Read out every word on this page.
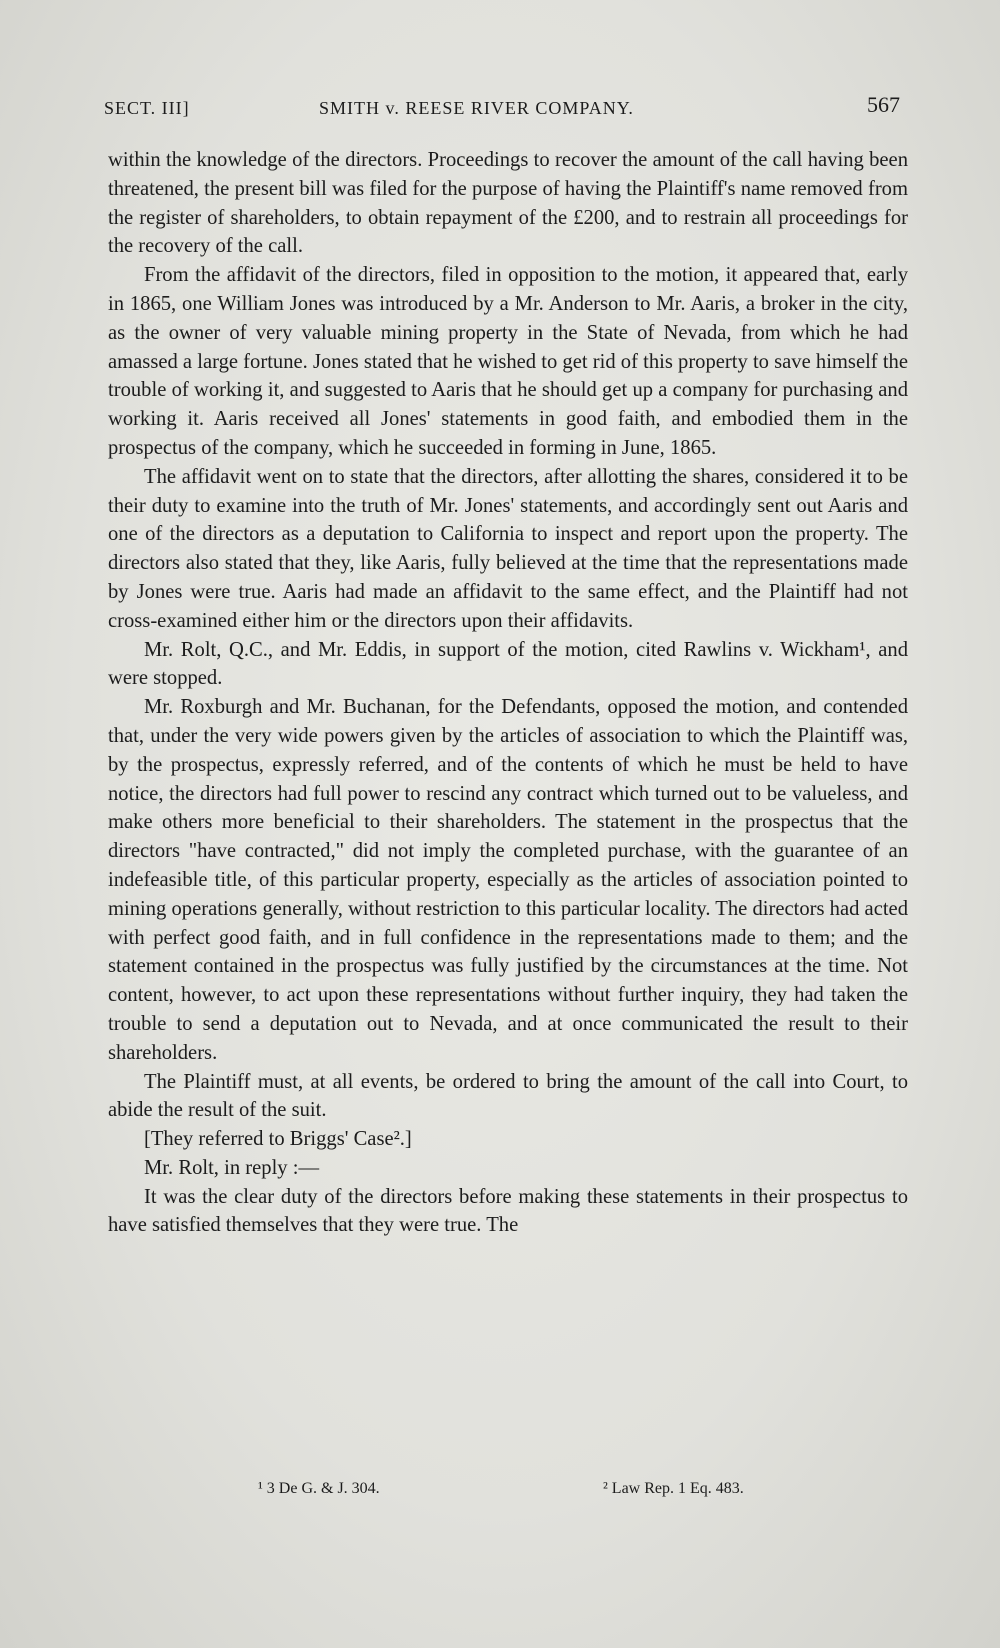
SECT. III]	SMITH v. REESE RIVER COMPANY.	567

within the knowledge of the directors. Proceedings to recover the amount of the call having been threatened, the present bill was filed for the purpose of having the Plaintiff's name removed from the register of shareholders, to obtain repayment of the £200, and to restrain all proceedings for the recovery of the call.

From the affidavit of the directors, filed in opposition to the motion, it appeared that, early in 1865, one William Jones was introduced by a Mr. Anderson to Mr. Aaris, a broker in the city, as the owner of very valuable mining property in the State of Nevada, from which he had amassed a large fortune. Jones stated that he wished to get rid of this property to save himself the trouble of working it, and suggested to Aaris that he should get up a company for purchasing and working it. Aaris received all Jones' statements in good faith, and embodied them in the prospectus of the company, which he succeeded in forming in June, 1865.

The affidavit went on to state that the directors, after allotting the shares, considered it to be their duty to examine into the truth of Mr. Jones' statements, and accordingly sent out Aaris and one of the directors as a deputation to California to inspect and report upon the property. The directors also stated that they, like Aaris, fully believed at the time that the representations made by Jones were true. Aaris had made an affidavit to the same effect, and the Plaintiff had not cross-examined either him or the directors upon their affidavits.

Mr. Rolt, Q.C., and Mr. Eddis, in support of the motion, cited Rawlins v. Wickham¹, and were stopped.

Mr. Roxburgh and Mr. Buchanan, for the Defendants, opposed the motion, and contended that, under the very wide powers given by the articles of association to which the Plaintiff was, by the prospectus, expressly referred, and of the contents of which he must be held to have notice, the directors had full power to rescind any contract which turned out to be valueless, and make others more beneficial to their shareholders. The statement in the prospectus that the directors "have contracted," did not imply the completed purchase, with the guarantee of an indefeasible title, of this particular property, especially as the articles of association pointed to mining operations generally, without restriction to this particular locality. The directors had acted with perfect good faith, and in full confidence in the representations made to them; and the statement contained in the prospectus was fully justified by the circumstances at the time. Not content, however, to act upon these representations without further inquiry, they had taken the trouble to send a deputation out to Nevada, and at once communicated the result to their shareholders.

The Plaintiff must, at all events, be ordered to bring the amount of the call into Court, to abide the result of the suit.

[They referred to Briggs' Case².]

Mr. Rolt, in reply :—

It was the clear duty of the directors before making these statements in their prospectus to have satisfied themselves that they were true. The

¹ 3 De G. & J. 304.	² Law Rep. 1 Eq. 483.
